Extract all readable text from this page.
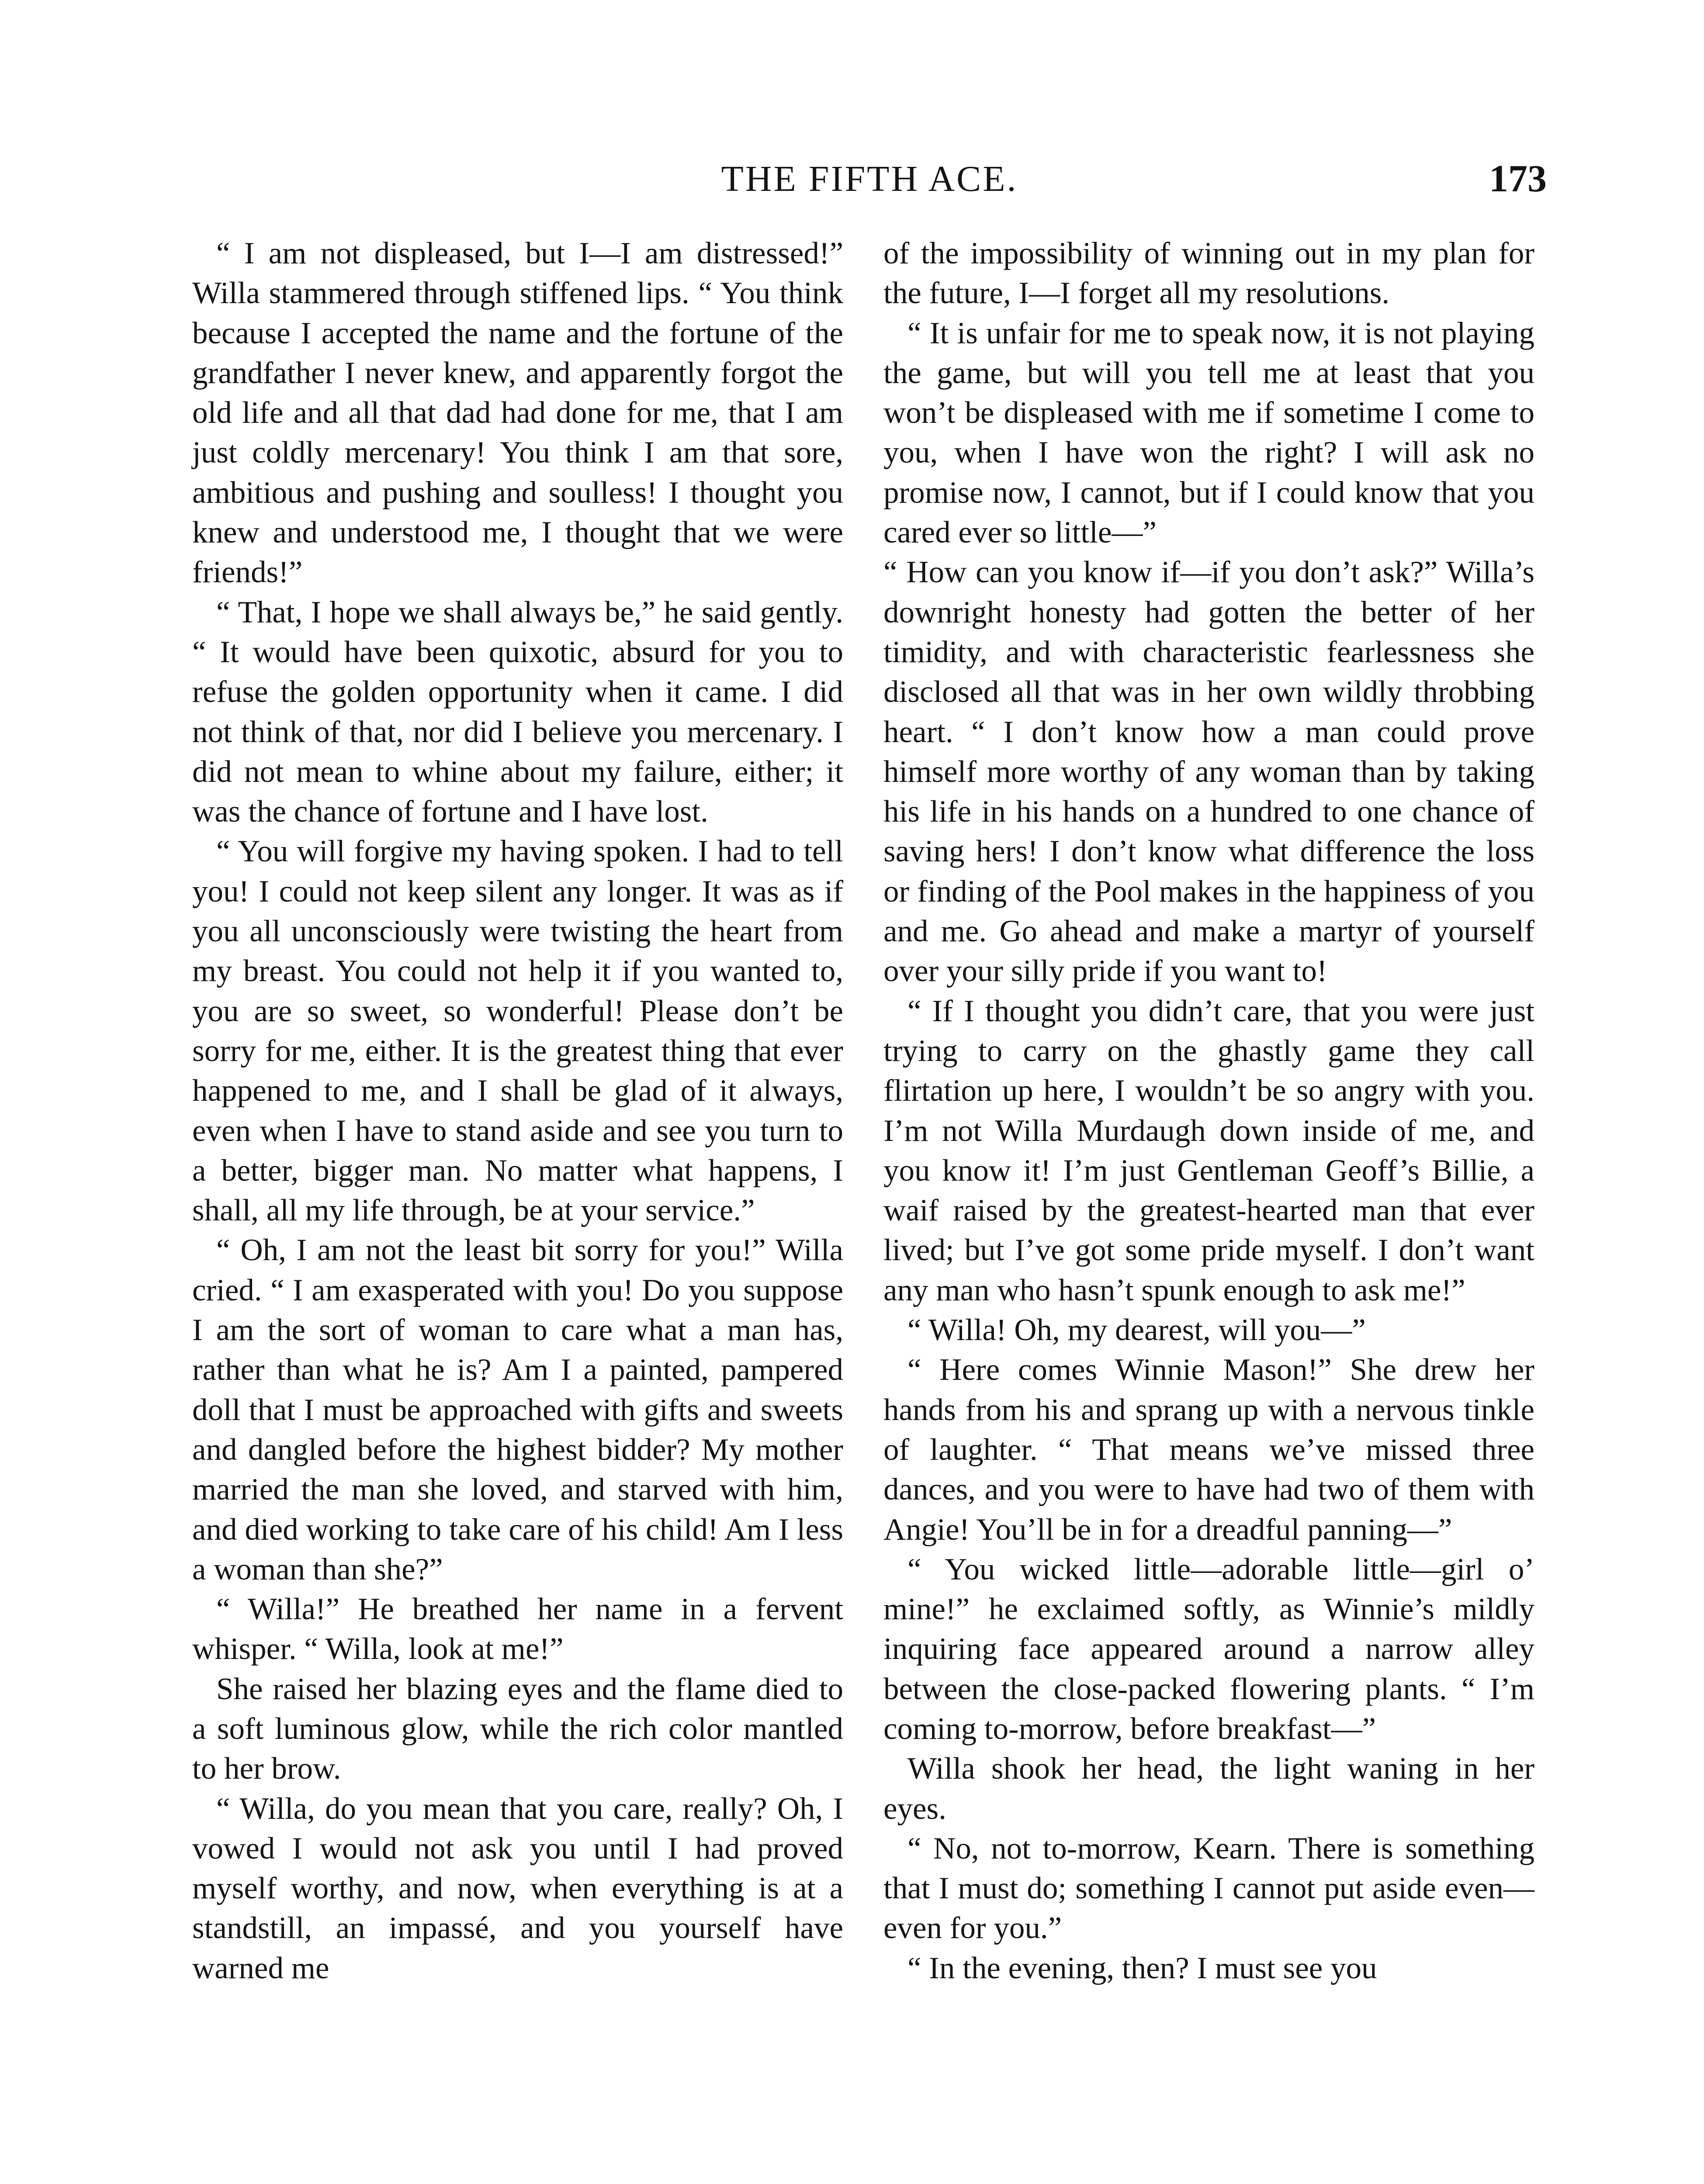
THE FIFTH ACE.	173

“ I am not displeased, but I—I am distressed!” Willa stammered through stiffened lips. “ You think because I accepted the name and the fortune of the grandfather I never knew, and apparently forgot the old life and all that dad had done for me, that I am just coldly mercenary! You think I am that sore, ambitious and pushing and soulless! I thought you knew and understood me, I thought that we were friends!”

“ That, I hope we shall always be,” he said gently. “ It would have been quixotic, absurd for you to refuse the golden opportunity when it came. I did not think of that, nor did I believe you mercenary. I did not mean to whine about my failure, either; it was the chance of fortune and I have lost.

“ You will forgive my having spoken. I had to tell you! I could not keep silent any longer. It was as if you all unconsciously were twisting the heart from my breast. You could not help it if you wanted to, you are so sweet, so wonderful! Please don’t be sorry for me, either. It is the greatest thing that ever happened to me, and I shall be glad of it always, even when I have to stand aside and see you turn to a better, bigger man. No matter what happens, I shall, all my life through, be at your service.”

“ Oh, I am not the least bit sorry for you!” Willa cried. “ I am exasperated with you! Do you suppose I am the sort of woman to care what a man has, rather than what he is? Am I a painted, pampered doll that I must be approached with gifts and sweets and dangled before the highest bidder? My mother married the man she loved, and starved with him, and died working to take care of his child! Am I less a woman than she?”

“ Willa!” He breathed her name in a fervent whisper. “ Willa, look at me!”

She raised her blazing eyes and the flame died to a soft luminous glow, while the rich color mantled to her brow.

“ Willa, do you mean that you care, really? Oh, I vowed I would not ask you until I had proved myself worthy, and now, when everything is at a standstill, an impassé, and you yourself have warned me

of the impossibility of winning out in my plan for the future, I—I forget all my resolutions.

“ It is unfair for me to speak now, it is not playing the game, but will you tell me at least that you won’t be displeased with me if sometime I come to you, when I have won the right? I will ask no promise now, I cannot, but if I could know that you cared ever so little—”

“ How can you know if—if you don’t ask?” Willa’s downright honesty had gotten the better of her timidity, and with characteristic fearlessness she disclosed all that was in her own wildly throbbing heart. “ I don’t know how a man could prove himself more worthy of any woman than by taking his life in his hands on a hundred to one chance of saving hers! I don’t know what difference the loss or finding of the Pool makes in the happiness of you and me. Go ahead and make a martyr of yourself over your silly pride if you want to!

“ If I thought you didn’t care, that you were just trying to carry on the ghastly game they call flirtation up here, I wouldn’t be so angry with you. I’m not Willa Murdaugh down inside of me, and you know it! I’m just Gentleman Geoff’s Billie, a waif raised by the greatest-hearted man that ever lived; but I’ve got some pride myself. I don’t want any man who hasn’t spunk enough to ask me!”

“ Willa! Oh, my dearest, will you—”

“ Here comes Winnie Mason!” She drew her hands from his and sprang up with a nervous tinkle of laughter. “ That means we’ve missed three dances, and you were to have had two of them with Angie! You’ll be in for a dreadful panning—”

“ You wicked little—adorable little—girl o’ mine!” he exclaimed softly, as Winnie’s mildly inquiring face appeared around a narrow alley between the close-packed flowering plants. “ I’m coming to-morrow, before breakfast—”

Willa shook her head, the light waning in her eyes.

“ No, not to-morrow, Kearn. There is something that I must do; something I cannot put aside even—even for you.”

“ In the evening, then? I must see you
